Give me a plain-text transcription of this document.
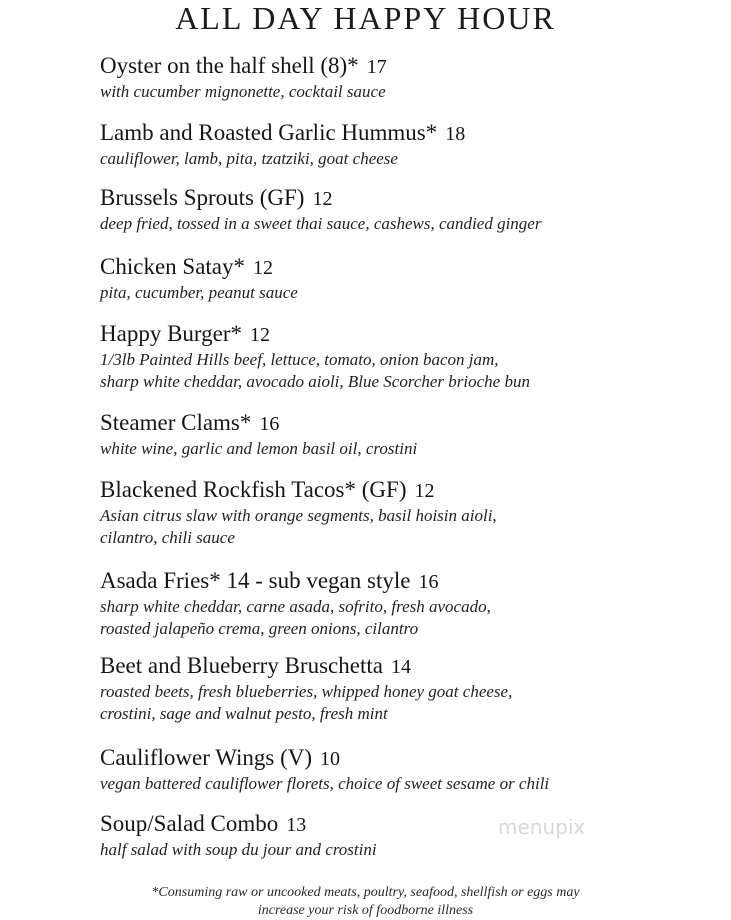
ALL DAY HAPPY HOUR
Oyster on the half shell (8)* 17
with cucumber mignonette, cocktail sauce
Lamb and Roasted Garlic Hummus* 18
cauliflower, lamb, pita, tzatziki, goat cheese
Brussels Sprouts (GF) 12
deep fried, tossed in a sweet thai sauce, cashews, candied ginger
Chicken Satay* 12
pita, cucumber, peanut sauce
Happy Burger* 12
1/3lb Painted Hills beef, lettuce, tomato, onion bacon jam,
sharp white cheddar, avocado aioli, Blue Scorcher brioche bun
Steamer Clams* 16
white wine, garlic and lemon basil oil, crostini
Blackened Rockfish Tacos* (GF) 12
Asian citrus slaw with orange segments, basil hoisin aioli,
cilantro, chili sauce
Asada Fries* 14 - sub vegan style 16
sharp white cheddar, carne asada, sofrito, fresh avocado,
roasted jalapeño crema, green onions, cilantro
Beet and Blueberry Bruschetta 14
roasted beets, fresh blueberries, whipped honey goat cheese,
crostini, sage and walnut pesto, fresh mint
Cauliflower Wings (V) 10
vegan battered cauliflower florets, choice of sweet sesame or chili
Soup/Salad Combo 13
half salad with soup du jour and crostini
menupix
*Consuming raw or uncooked meats, poultry, seafood, shellfish or eggs may
increase your risk of foodborne illness
